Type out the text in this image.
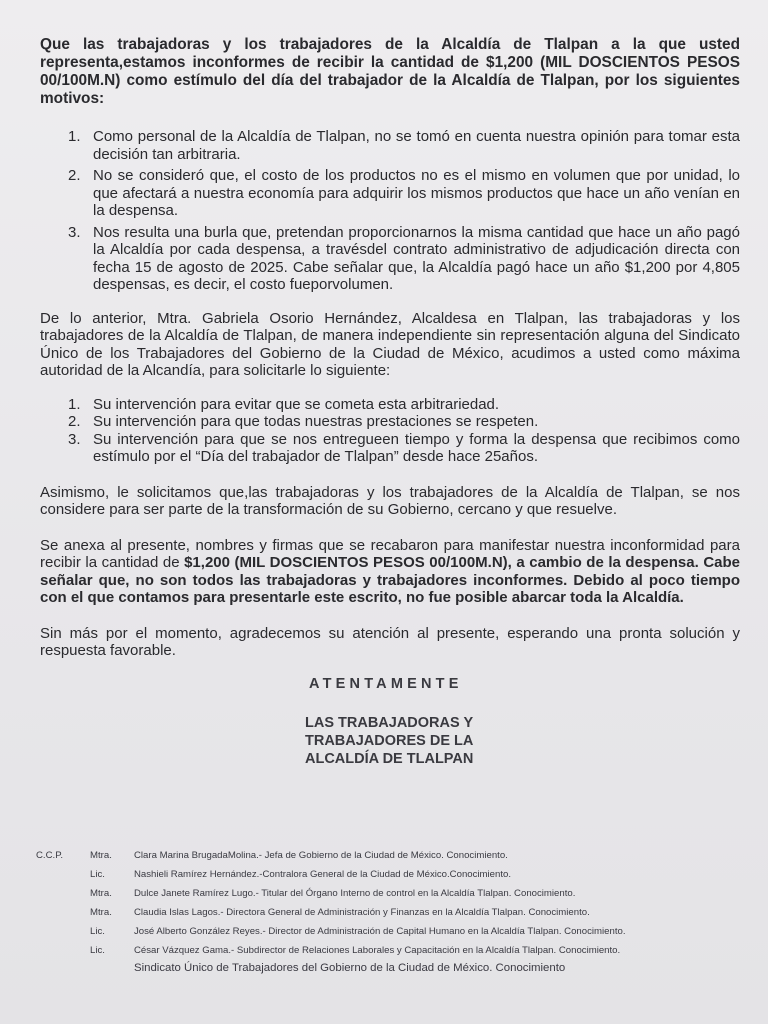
Que las trabajadoras y los trabajadores de la Alcaldía de Tlalpan a la que usted representa,estamos inconformes de recibir la cantidad de $1,200 (MIL DOSCIENTOS PESOS 00/100M.N) como estímulo del día del trabajador de la Alcaldía de Tlalpan, por los siguientes motivos:

1. Como personal de la Alcaldía de Tlalpan, no se tomó en cuenta nuestra opinión para tomar esta decisión tan arbitraria.
2. No se consideró que, el costo de los productos no es el mismo en volumen que por unidad, lo que afectará a nuestra economía para adquirir los mismos productos que hace un año venían en la despensa.
3. Nos resulta una burla que, pretendan proporcionarnos la misma cantidad que hace un año pagó la Alcaldía por cada despensa, a travésdel contrato administrativo de adjudicación directa con fecha 15 de agosto de 2025. Cabe señalar que, la Alcaldía pagó hace un año $1,200 por 4,805 despensas, es decir, el costo fueporvolumen.

De lo anterior, Mtra. Gabriela Osorio Hernández, Alcaldesa en Tlalpan, las trabajadoras y los trabajadores de la Alcaldía de Tlalpan, de manera independiente sin representación alguna del Sindicato Único de los Trabajadores del Gobierno de la Ciudad de México, acudimos a usted como máxima autoridad de la Alcandía, para solicitarle lo siguiente:

1. Su intervención para evitar que se cometa esta arbitrariedad.
2. Su intervención para que todas nuestras prestaciones se respeten.
3. Su intervención para que se nos entregueen tiempo y forma la despensa que recibimos como estímulo por el “Día del trabajador de Tlalpan” desde hace 25años.

Asimismo, le solicitamos que,las trabajadoras y los trabajadores de la Alcaldía de Tlalpan, se nos considere para ser parte de la transformación de su Gobierno, cercano y que resuelve.

Se anexa al presente, nombres y firmas que se recabaron para manifestar nuestra inconformidad para recibir la cantidad de $1,200 (MIL DOSCIENTOS PESOS 00/100M.N), a cambio de la despensa. Cabe señalar que, no son todos las trabajadoras y trabajadores inconformes. Debido al poco tiempo con el que contamos para presentarle este escrito, no fue posible abarcar toda la Alcaldía.

Sin más por el momento, agradecemos su atención al presente, esperando una pronta solución y respuesta favorable.

ATENTAMENTE
LAS TRABAJADORAS Y
TRABAJADORES DE LA
ALCALDÍA DE TLALPAN
C.C.P.	Mtra.	Clara Marina BrugadaMolina.- Jefa de Gobierno de la Ciudad de México. Conocimiento.
Lic.	Nashieli Ramírez Hernández.-Contralora General de la Ciudad de México.Conocimiento.
Mtra.	Dulce Janete Ramírez Lugo.- Titular del Órgano Interno de control en la Alcaldía Tlalpan. Conocimiento.
Mtra.	Claudia Islas Lagos.- Directora General de Administración y Finanzas en la Alcaldía Tlalpan. Conocimiento.
Lic.	José Alberto González Reyes.- Director de Administración de Capital Humano en la Alcaldía Tlalpan. Conocimiento.
Lic.	César Vázquez Gama.- Subdirector de Relaciones Laborales y Capacitación en la Alcaldía Tlalpan. Conocimiento.
Sindicato Único de Trabajadores del Gobierno de la Ciudad de México. Conocimiento
